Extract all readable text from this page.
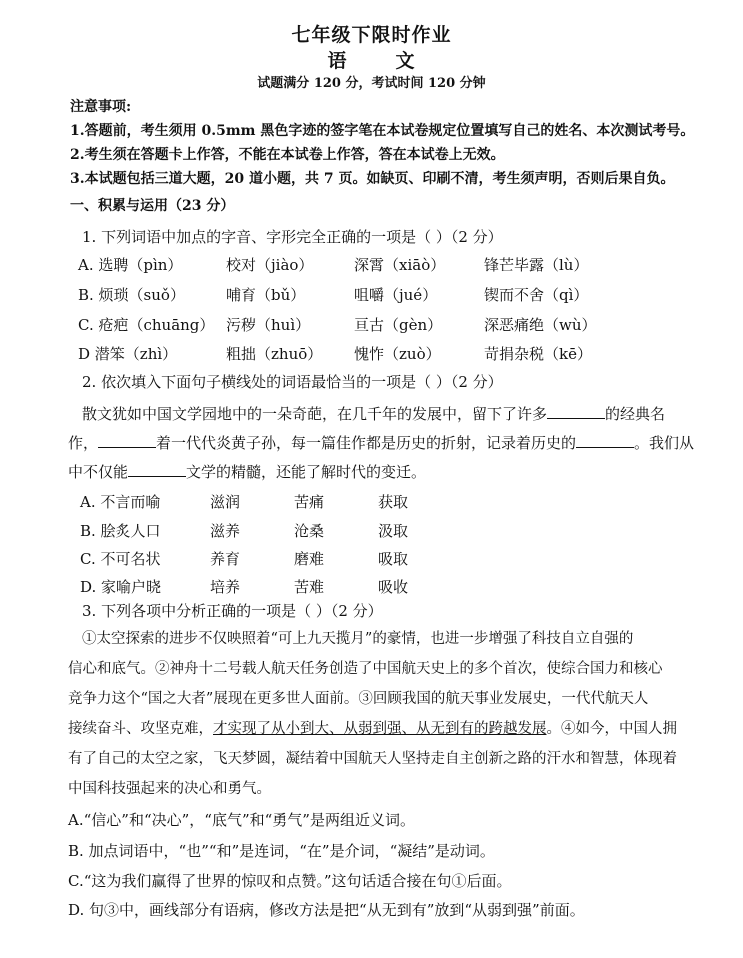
七年级下限时作业
语	文
试题满分 120 分，考试时间 120 分钟
注意事项:
1.答题前，考生须用 0.5mm 黑色字迹的签字笔在本试卷规定位置填写自己的姓名、本次测试考号。
2.考生须在答题卡上作答，不能在本试卷上作答，答在本试卷上无效。
3.本试题包括三道大题，20 道小题，共 7 页。如缺页、印刷不清，考生须声明，否则后果自负。
一、积累与运用（23 分）
1. 下列词语中加点的字音、字形完全正确的一项是（ ）（2 分）
A. 选聘（pìn）	校对（jiào）	深霄（xiāò）	锋芒毕露（lù）
B. 烦琐（suǒ）	哺育（bǔ）	咀嚼（jué）	锲而不舍（qì）
C. 疮疤（chuāng） 污秽（huì）	亘古（gèn）	深恶痛绝（wù）
D 潜笨（zhì）	粗拙（zhuō） 愧怍（zuò）	苛捐杂税（kē）
2. 依次填入下面句子横线处的词语最恰当的一项是（ ）（2 分）
散文犹如中国文学园地中的一朵奇葩，在几千年的发展中，留下了许多	的经典名
作，	着一代代炎黄子孙，每一篇佳作都是历史的折射，记录着历史的	。我们从
中不仅能	文学的精髓，还能了解时代的变迁。
A. 不言而喻	滋润	苦痛	获取
B. 脍炙人口	滋养	沧桑	汲取
C. 不可名状	养育	磨难	吸取
D. 家喻户晓	培养	苦难	吸收
3. 下列各项中分析正确的一项是（ ）（2 分）
①太空探索的进步不仅映照着“可上九天揽月”的豪情，也进一步增强了科技自立自强的
信心和底气。②神舟十二号载人航天任务创造了中国航天史上的多个首次，使综合国力和核心
竞争力这个“国之大者”展现在更多世人面前。③回顾我国的航天事业发展史，一代代航天人
接续奋斗、攻坚克难，才实现了从小到大、从弱到强、从无到有的跨越发展。④如今，中国人拥
有了自己的太空之家，飞天梦圆，凝结着中国航天人坚持走自主创新之路的汗水和智慧，体现着
中国科技强起来的决心和勇气。
A.“信心”和“决心”，“底气”和“勇气”是两组近义词。
B. 加点词语中，“也”“和”是连词，“在”是介词，“凝结”是动词。
C.“这为我们赢得了世界的惊叹和点赞。”这句话适合接在句①后面。
D. 句③中，画线部分有语病，修改方法是把“从无到有”放到“从弱到强”前面。
